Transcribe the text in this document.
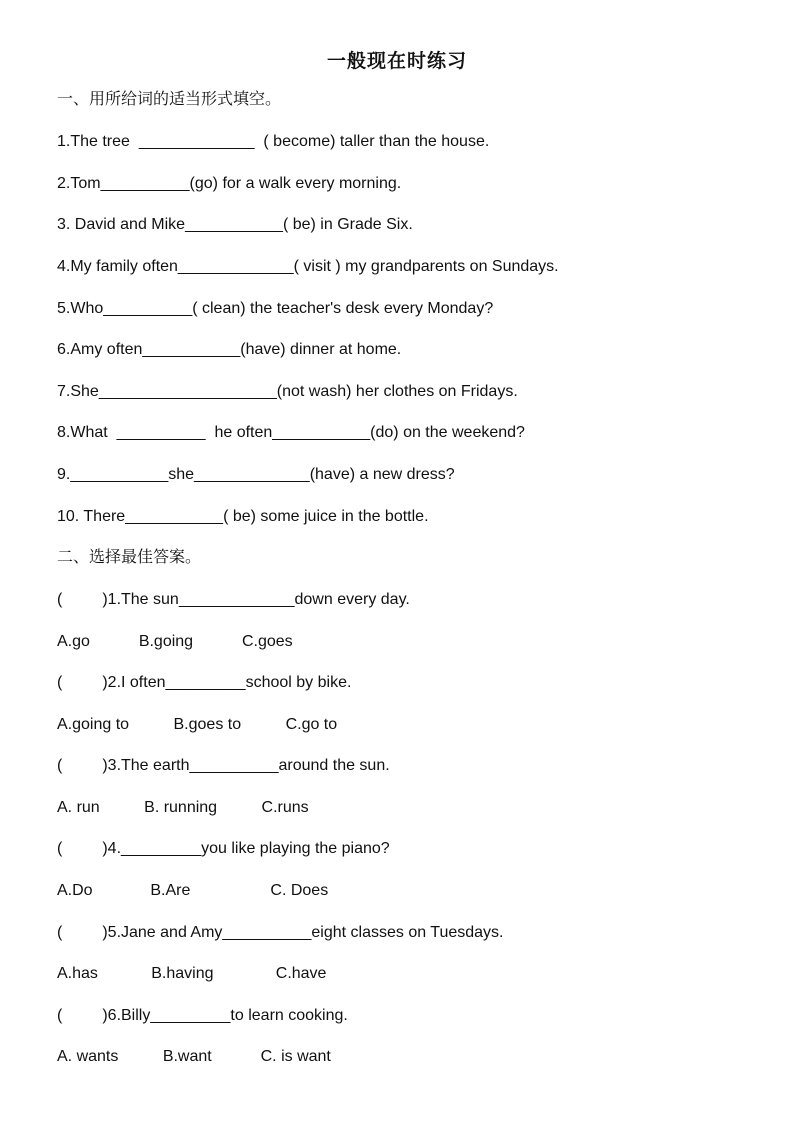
一般现在时练习
一、用所给词的适当形式填空。
1.The tree  _____________  ( become) taller than the house.
2.Tom__________(go) for a walk every morning.
3. David and Mike___________( be) in Grade Six.
4.My family often_____________( visit ) my grandparents on Sundays.
5.Who__________( clean) the teacher's desk every Monday?
6.Amy often___________(have) dinner at home.
7.She____________________(not wash) her clothes on Fridays.
8.What  __________  he often___________(do) on the weekend?
9.___________she_____________(have) a new dress?
10. There___________( be) some juice in the bottle.
二、选择最佳答案。
(         )1.The sun_____________down every day.
A.go           B.going           C.goes
(         )2.I often_________school by bike.
A.going to          B.goes to          C.go to
(         )3.The earth__________around the sun.
A. run          B. running          C.runs
(         )4._________you like playing the piano?
A.Do             B.Are                  C. Does
(         )5.Jane and Amy__________eight classes on Tuesdays.
A.has            B.having              C.have
(         )6.Billy_________to learn cooking.
A. wants          B.want           C. is want
